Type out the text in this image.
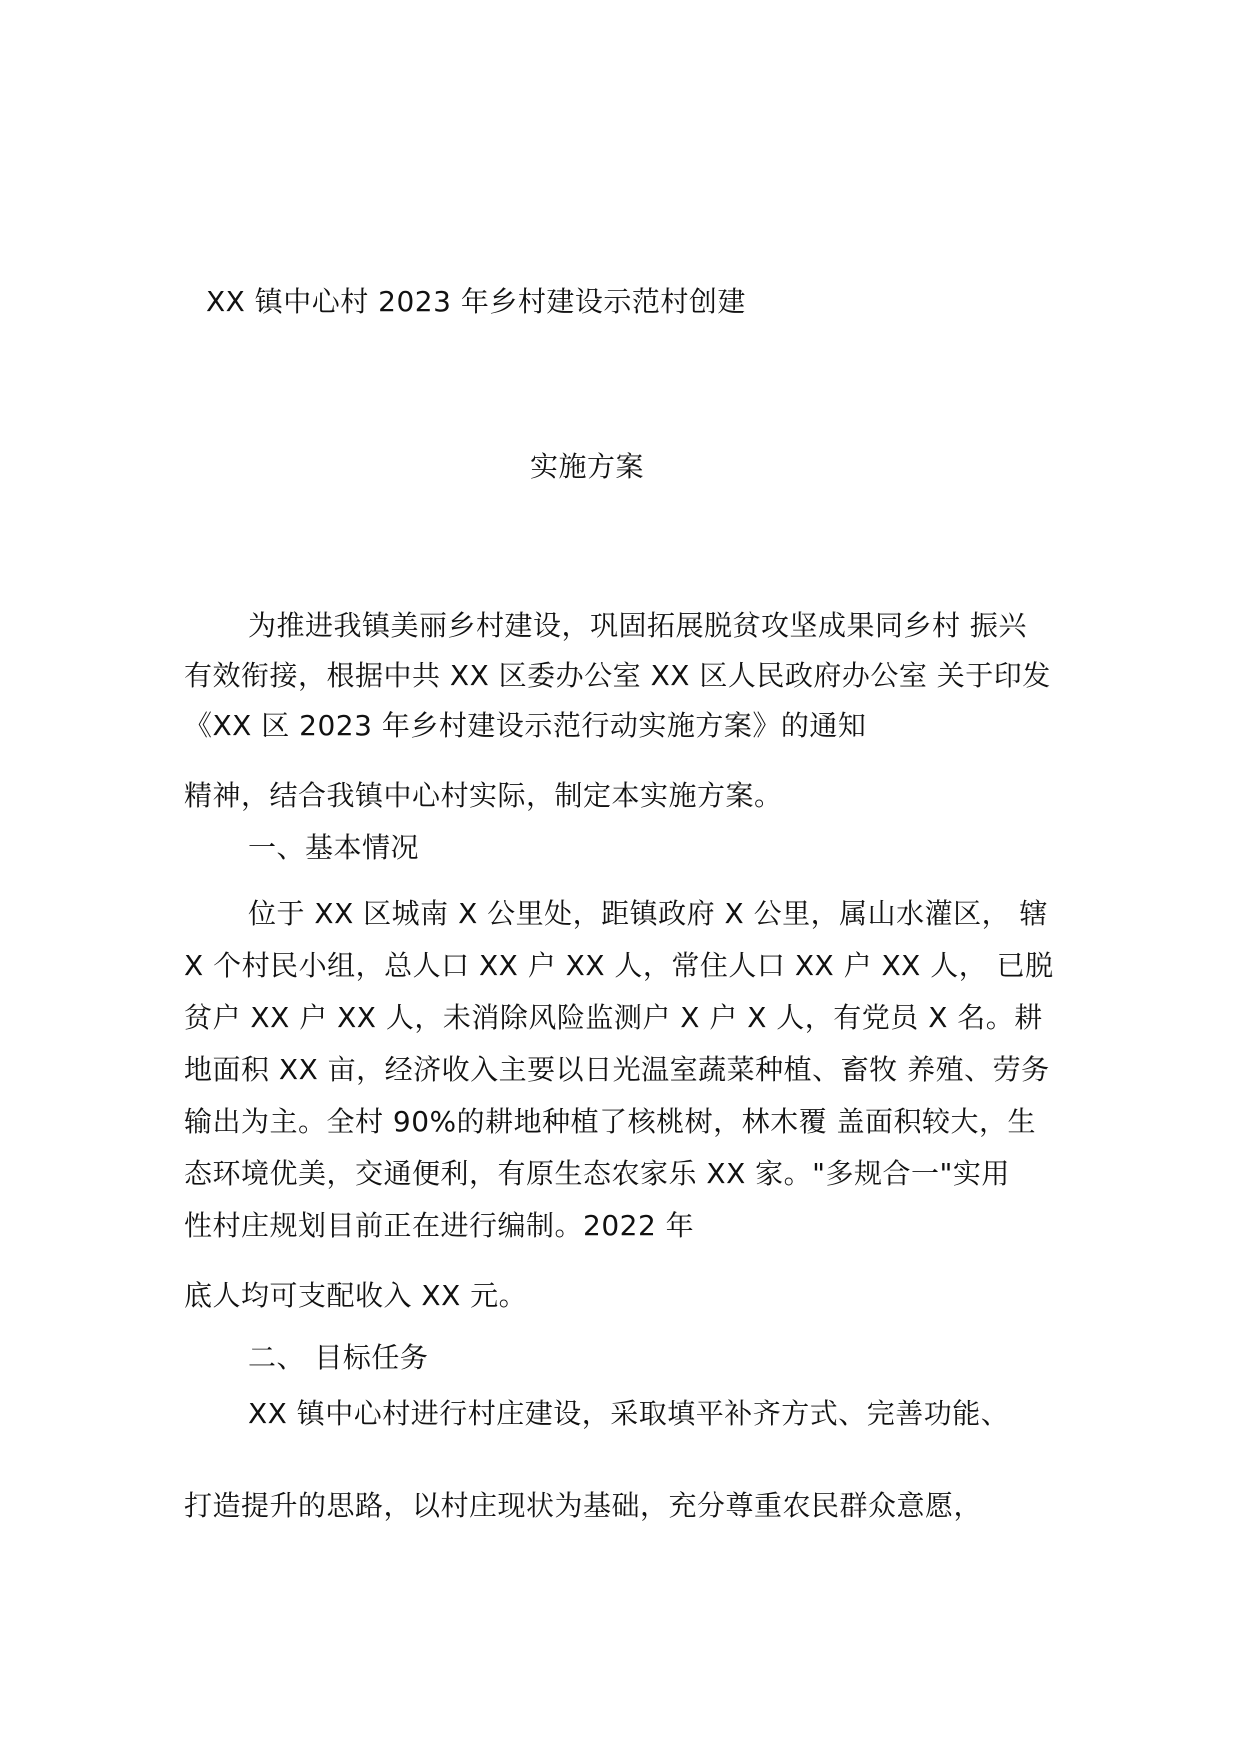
XX 镇中心村 2023 年乡村建设示范村创建
实施方案
为推进我镇美丽乡村建设，巩固拓展脱贫攻坚成果同乡村 振兴
有效衔接，根据中共 XX 区委办公室 XX 区人民政府办公室 关于印发
《XX 区 2023 年乡村建设示范行动实施方案》的通知
精神，结合我镇中心村实际，制定本实施方案。
一、基本情况
位于 XX 区城南 X 公里处，距镇政府 X 公里，属山水灌区， 辖
X 个村民小组，总人口 XX 户 XX 人，常住人口 XX 户 XX 人， 已脱
贫户 XX 户 XX 人，未消除风险监测户 X 户 X 人，有党员 X 名。耕
地面积 XX 亩，经济收入主要以日光温室蔬菜种植、畜牧 养殖、劳务
输出为主。全村 90%的耕地种植了核桃树，林木覆 盖面积较大，生
态环境优美，交通便利，有原生态农家乐 XX 家。"多规合一"实用
性村庄规划目前正在进行编制。2022 年
底人均可支配收入 XX 元。
二、 目标任务
XX 镇中心村进行村庄建设，采取填平补齐方式、完善功能、
打造提升的思路，以村庄现状为基础，充分尊重农民群众意愿，
